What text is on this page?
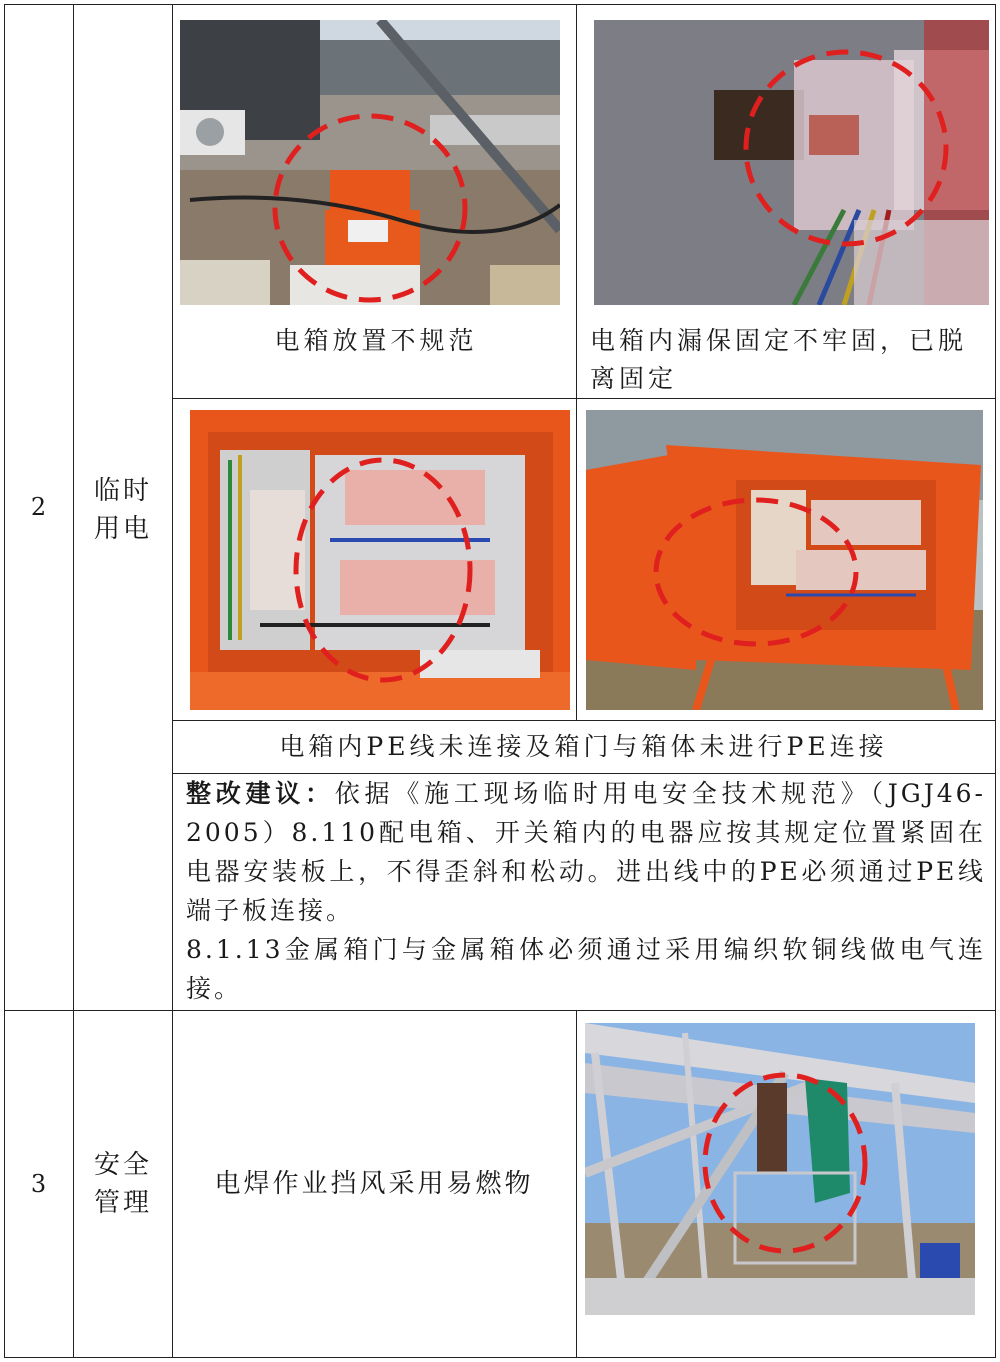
2
临时
用电
电箱放置不规范	电箱内漏保固定不牢固，已脱离固定
电箱内PE线未连接及箱门与箱体未进行PE连接
整改建议：依据《施工现场临时用电安全技术规范》（JGJ46-2005）8.110配电箱、开关箱内的电器应按其规定位置紧固在电器安装板上，不得歪斜和松动。进出线中的PE必须通过PE线端子板连接。
8.1.13金属箱门与金属箱体必须通过采用编织软铜线做电气连接。
3
安全
管理
电焊作业挡风采用易燃物
